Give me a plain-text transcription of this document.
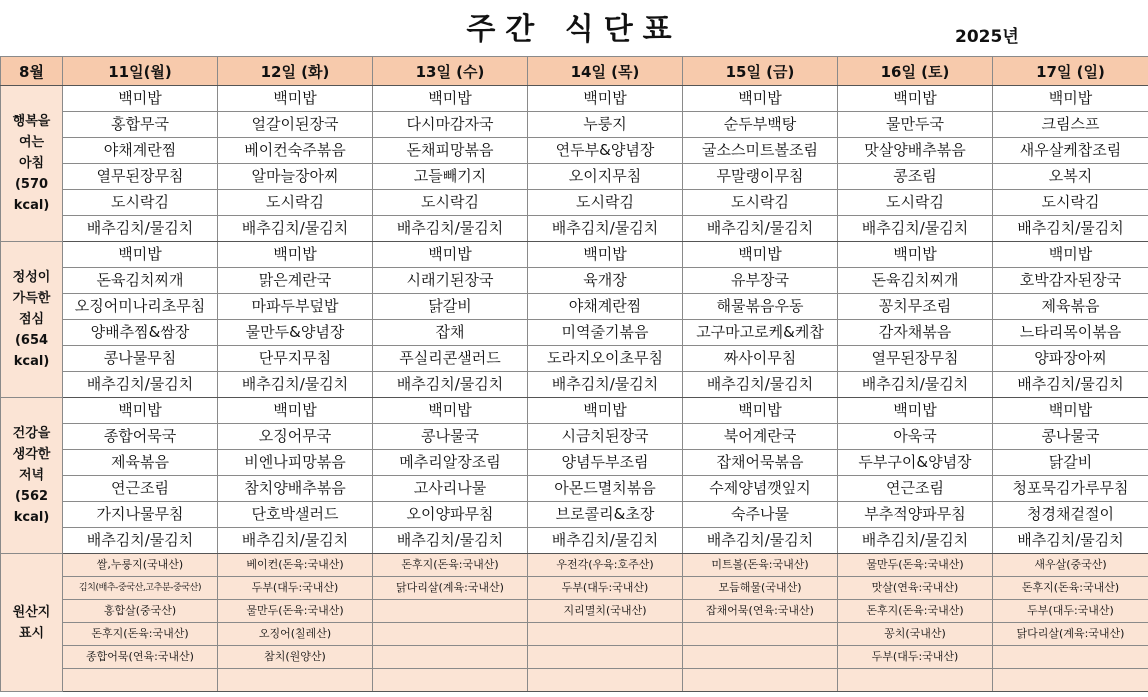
주간 식단표	2025년
8월	11일(월)	12일 (화)	13일 (수)	14일 (목)	15일 (금)	16일 (토)	17일 (일)

행복을
여는
아침
(570
kcal)	백미밥	백미밥	백미밥	백미밥	백미밥	백미밥	백미밥
	홍합무국	얼갈이된장국	다시마감자국	누룽지	순두부백탕	물만두국	크림스프
	야채계란찜	베이컨숙주볶음	돈채피망볶음	연두부&양념장	굴소스미트볼조림	맛살양배추볶음	새우살케찹조림
	열무된장무침	알마늘장아찌	고들빼기지	오이지무침	무말랭이무침	콩조림	오복지
	도시락김	도시락김	도시락김	도시락김	도시락김	도시락김	도시락김
	배추김치/물김치	배추김치/물김치	배추김치/물김치	배추김치/물김치	배추김치/물김치	배추김치/물김치	배추김치/물김치

정성이
가득한
점심
(654
kcal)	백미밥	백미밥	백미밥	백미밥	백미밥	백미밥	백미밥
	돈육김치찌개	맑은계란국	시래기된장국	육개장	유부장국	돈육김치찌개	호박감자된장국
	오징어미나리초무침	마파두부덮밥	닭갈비	야채계란찜	해물볶음우동	꽁치무조림	제육볶음
	양배추찜&쌈장	물만두&양념장	잡채	미역줄기볶음	고구마고로케&케찹	감자채볶음	느타리목이볶음
	콩나물무침	단무지무침	푸실리콘샐러드	도라지오이초무침	짜사이무침	열무된장무침	양파장아찌
	배추김치/물김치	배추김치/물김치	배추김치/물김치	배추김치/물김치	배추김치/물김치	배추김치/물김치	배추김치/물김치

건강을
생각한
저녁
(562
kcal)	백미밥	백미밥	백미밥	백미밥	백미밥	백미밥	백미밥
	종합어묵국	오징어무국	콩나물국	시금치된장국	북어계란국	아욱국	콩나물국
	제육볶음	비엔나피망볶음	메추리알장조림	양념두부조림	잡채어묵볶음	두부구이&양념장	닭갈비
	연근조림	참치양배추볶음	고사리나물	아몬드멸치볶음	수제양념깻잎지	연근조림	청포묵김가루무침
	가지나물무침	단호박샐러드	오이양파무침	브로콜리&초장	숙주나물	부추적양파무침	청경채겉절이
	배추김치/물김치	배추김치/물김치	배추김치/물김치	배추김치/물김치	배추김치/물김치	배추김치/물김치	배추김치/물김치

원산지
표시	쌀,누룽지(국내산)	베이컨(돈육:국내산)	돈후지(돈육:국내산)	우전각(우육:호주산)	미트볼(돈육:국내산)	물만두(돈육:국내산)	새우살(중국산)
	김치(배추-중국산,고추분-중국산)	두부(대두:국내산)	닭다리살(계육:국내산)	두부(대두:국내산)	모듬해물(국내산)	맛살(연육:국내산)	돈후지(돈육:국내산)
	홍합살(중국산)	물만두(돈육:국내산)		지리멸치(국내산)	잡채어묵(연육:국내산)	돈후지(돈육:국내산)	두부(대두:국내산)
	돈후지(돈육:국내산)	오징어(칠레산)				꽁치(국내산)	닭다리살(계육:국내산)
	종합어묵(연육:국내산)	참치(원양산)				두부(대두:국내산)	
